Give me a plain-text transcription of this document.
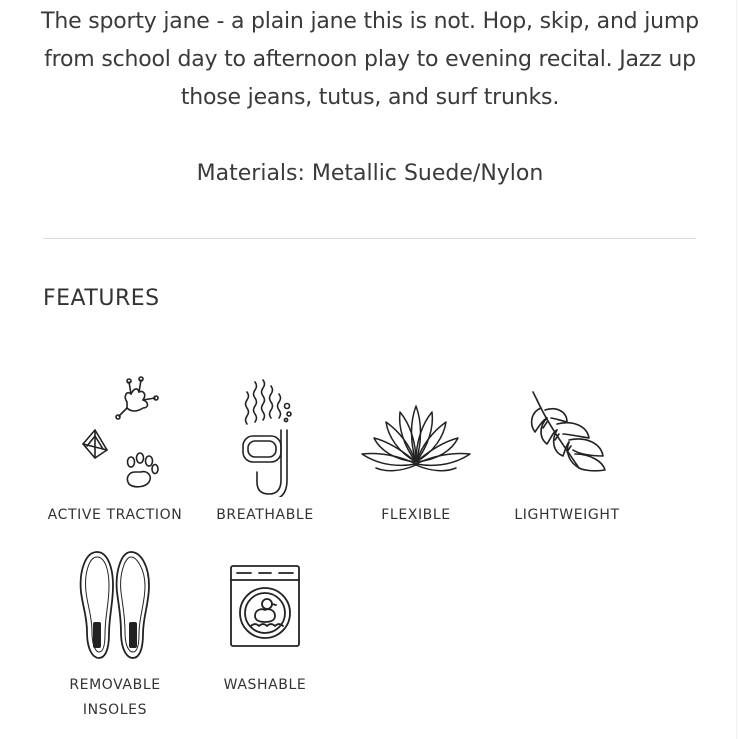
The sporty jane - a plain jane this is not. Hop, skip, and jump from school day to afternoon play to evening recital. Jazz up those jeans, tutus, and surf trunks.
Materials: Metallic Suede/Nylon
FEATURES
ACTIVE TRACTION	BREATHABLE	FLEXIBLE	LIGHTWEIGHT
REMOVABLE INSOLES
WASHABLE
